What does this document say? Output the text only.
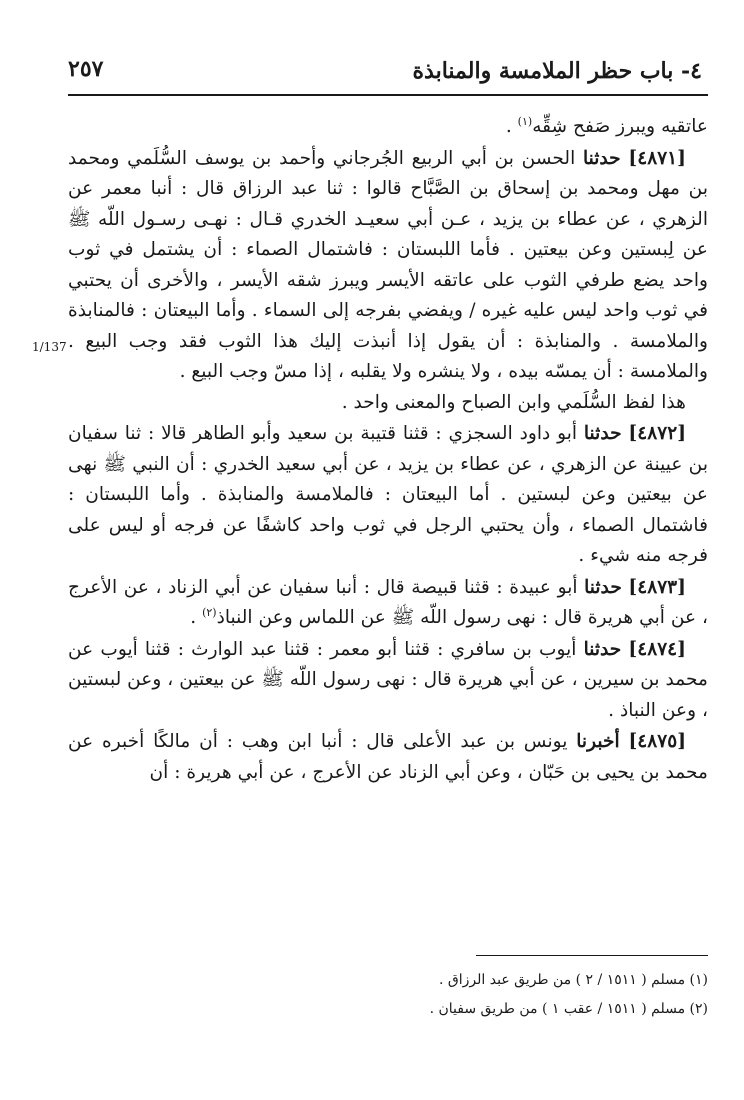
٤- باب حظر الملامسة والمنابذة
٢٥٧
1/137

عاتقيه ويبرز صَفح شِقِّه$^{(١)}$ .

[٤٨٧١] حدثنا الحسن بن أبي الربيع الجُرجاني وأحمد بن يوسف السُّلَمي ومحمد بن مهل ومحمد بن إسحاق بن الصَّبَّاح قالوا : ثنا عبد الرزاق قال : أنبا معمر عن الزهري ، عن عطاء بن يزيد ، عـن أبي سعيـد الخدري قـال : نهـى رسـول اللّه ﷺ عن لِبستين وعن بيعتين . فأما اللبستان : فاشتمال الصماء : أن يشتمل في ثوب واحد يضع طرفي الثوب على عاتقه الأيسر ويبرز شقه الأيسر ، والأخرى أن يحتبي في ثوب واحد ليس عليه غيره / ويفضي بفرجه إلى السماء . وأما البيعتان : فالمنابذة والملامسة . والمنابذة : أن يقول إذا أنبذت إليك هذا الثوب فقد وجب البيع . والملامسة : أن يمسّه بيده ، ولا ينشره ولا يقلبه ، إذا مسّ وجب البيع .

هذا لفظ السُّلَمي وابن الصباح والمعنى واحد .

[٤٨٧٢] حدثنا أبو داود السجزي : قثنا قتيبة بن سعيد وأبو الطاهر قالا : ثنا سفيان بن عيينة عن الزهري ، عن عطاء بن يزيد ، عن أبي سعيد الخدري : أن النبي ﷺ نهى عن بيعتين وعن لبستين . أما البيعتان : فالملامسة والمنابذة . وأما اللبستان : فاشتمال الصماء ، وأن يحتبي الرجل في ثوب واحد كاشفًا عن فرجه أو ليس على فرجه منه شيء .

[٤٨٧٣] حدثنا أبو عبيدة : قثنا قبيصة قال : أنبا سفيان عن أبي الزناد ، عن الأعرج ، عن أبي هريرة قال : نهى رسول اللّه ﷺ عن اللماس وعن النباذ$^{(٢)}$ .

[٤٨٧٤] حدثنا أيوب بن سافري : قثنا أبو معمر : قثنا عبد الوارث : قثنا أيوب عن محمد بن سيرين ، عن أبي هريرة قال : نهى رسول اللّه ﷺ عن بيعتين ، وعن لبستين ، وعن النباذ .

[٤٨٧٥] أخبرنا يونس بن عبد الأعلى قال : أنبا ابن وهب : أن مالكًا أخبره عن محمد بن يحيى بن حَبّان ، وعن أبي الزناد عن الأعرج ، عن أبي هريرة : أن

(١) مسلم ( ١٥١١ / ٢ ) من طريق عبد الرزاق .

(٢) مسلم ( ١٥١١ / عقب ١ ) من طريق سفيان .
